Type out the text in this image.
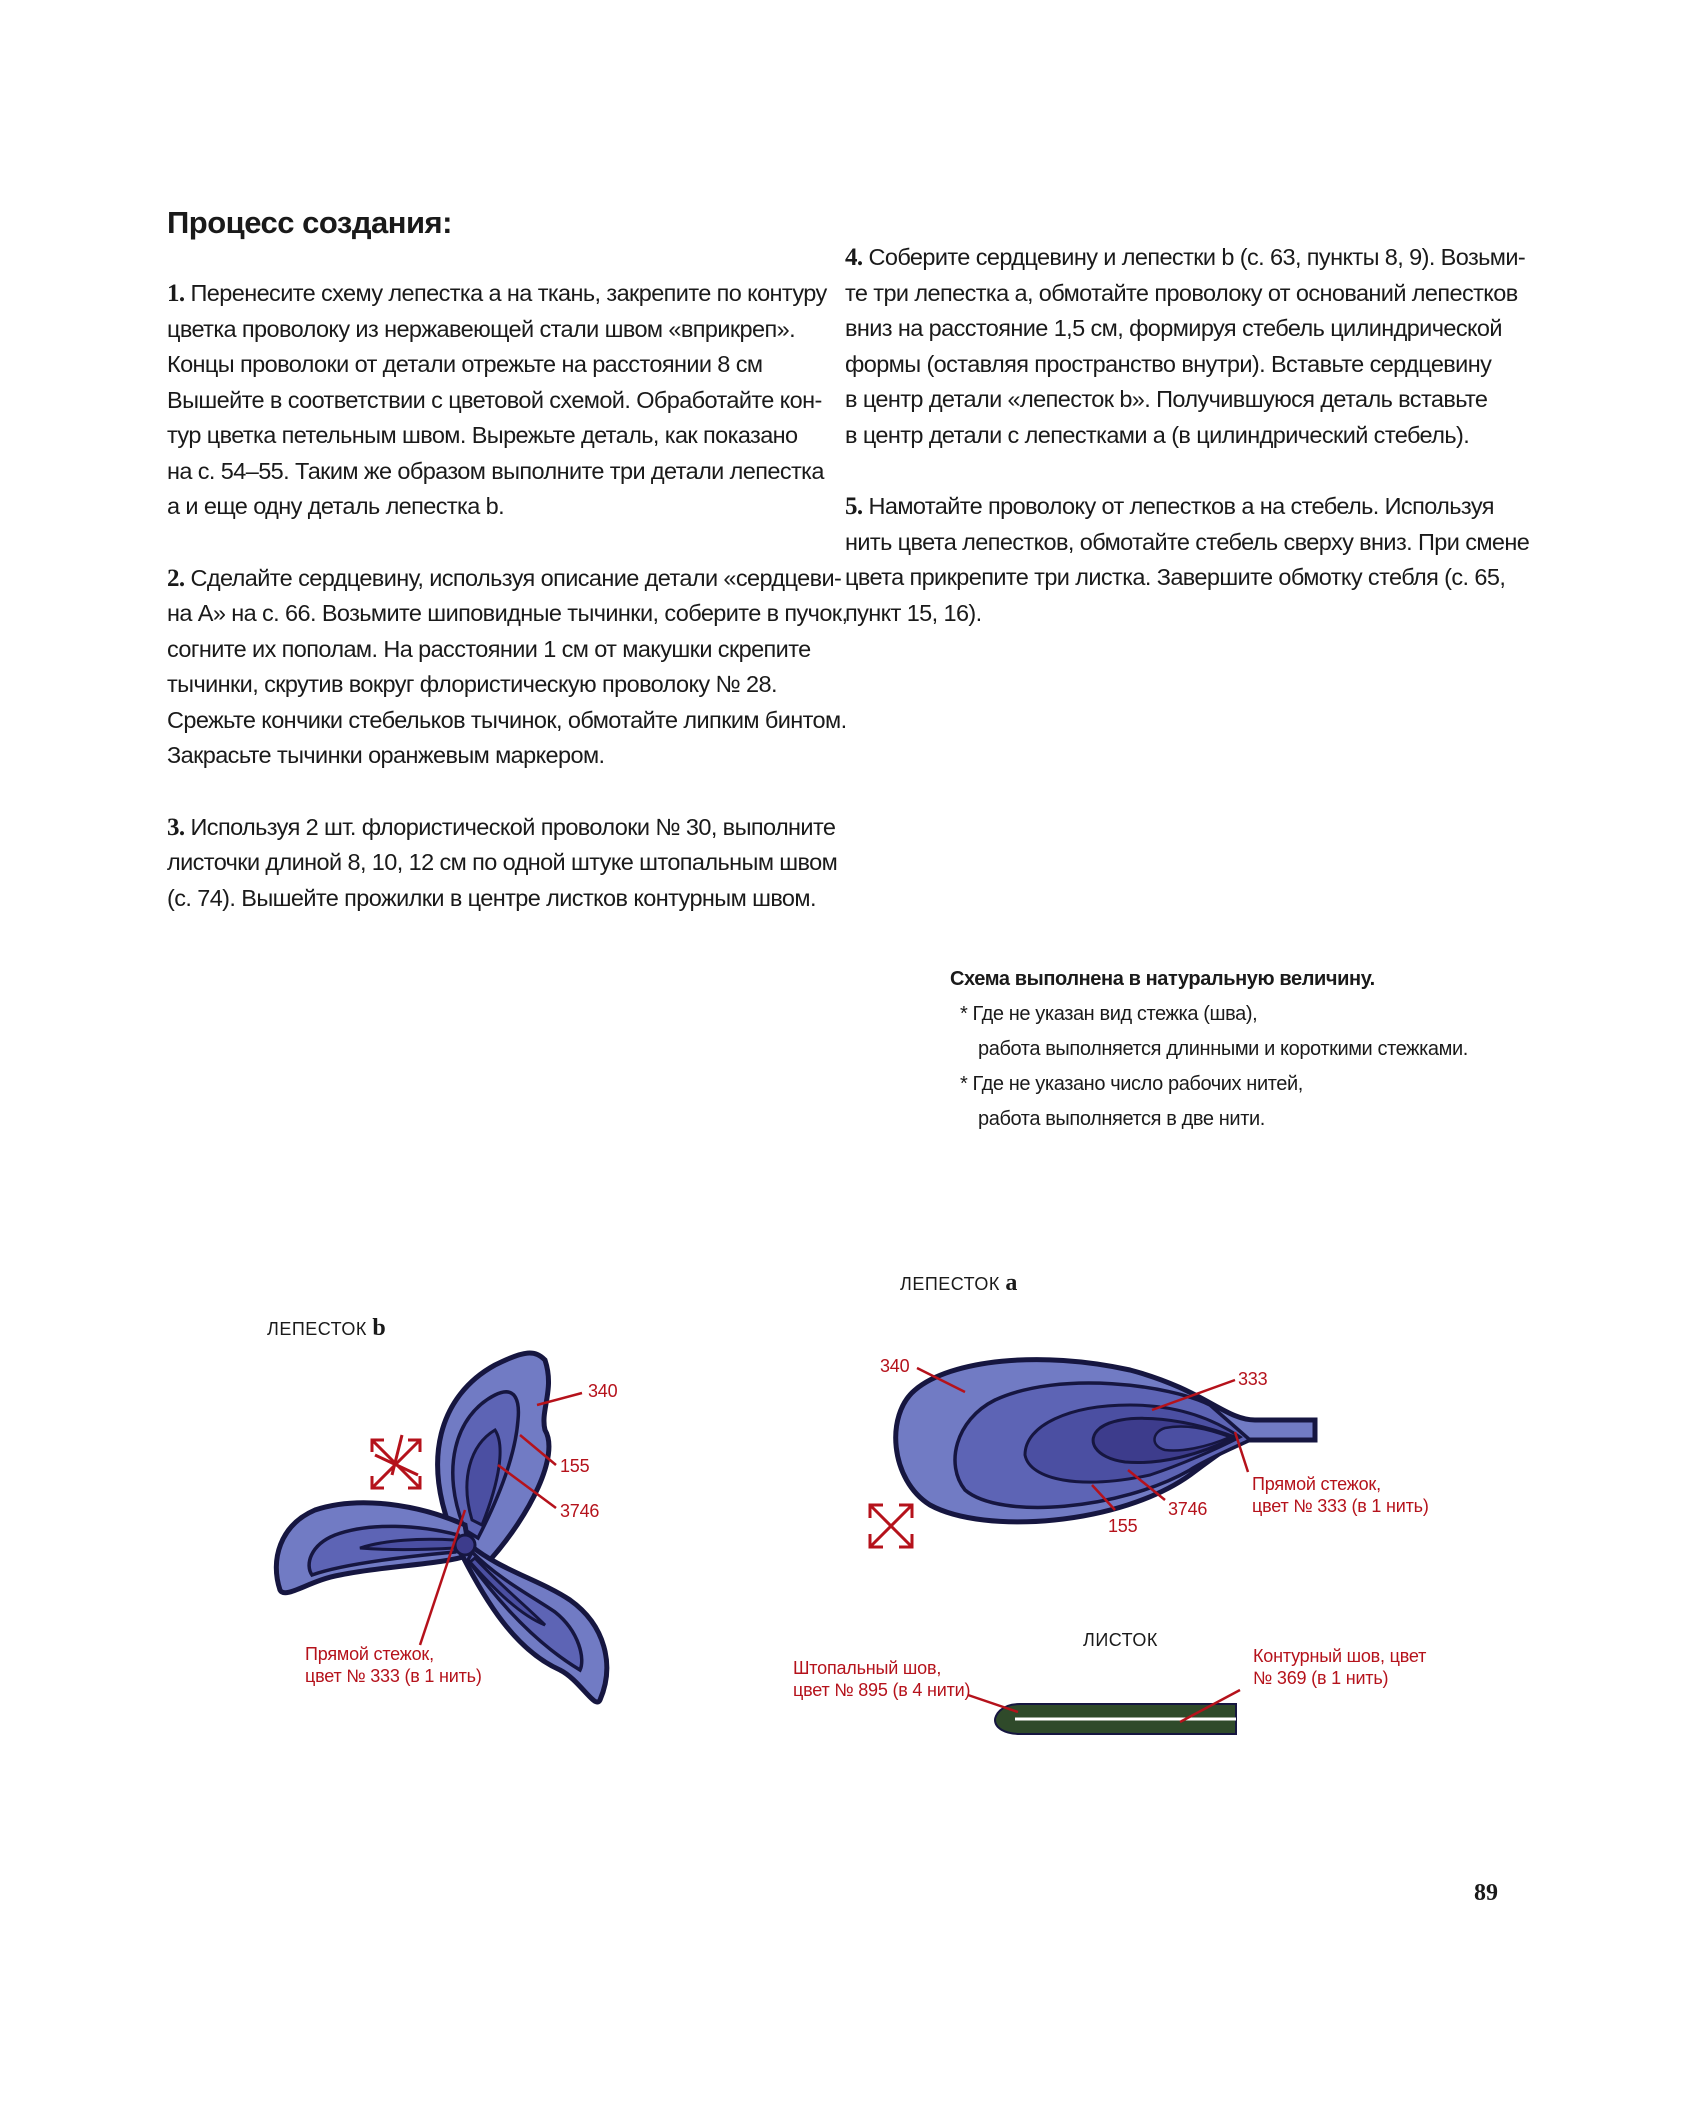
Процесс создания:
1. Перенесите схему лепестка а на ткань, закрепите по контуру
цветка проволоку из нержавеющей стали швом «вприкреп».
Концы проволоки от детали отрежьте на расстоянии 8 см
Вышейте в соответствии с цветовой схемой. Обработайте кон-
тур цветка петельным швом. Вырежьте деталь, как показано
на с. 54–55. Таким же образом выполните три детали лепестка
а и еще одну деталь лепестка b.
2. Сделайте сердцевину, используя описание детали «сердцеви-
на А» на с. 66. Возьмите шиповидные тычинки, соберите в пучок,
согните их пополам. На расстоянии 1 см от макушки скрепите
тычинки, скрутив вокруг флористическую проволоку № 28.
Срежьте кончики стебельков тычинок, обмотайте липким бинтом.
Закрасьте тычинки оранжевым маркером.
3. Используя 2 шт. флористической проволоки № 30, выполните
листочки длиной 8, 10, 12 см по одной штуке штопальным швом
(с. 74). Вышейте прожилки в центре листков контурным швом.
4. Соберите сердцевину и лепестки b (с. 63, пункты 8, 9). Возьми-
те три лепестка а, обмотайте проволоку от оснований лепестков
вниз на расстояние 1,5 см, формируя стебель цилиндрической
формы (оставляя пространство внутри). Вставьте сердцевину
в центр детали «лепесток b». Получившуюся деталь вставьте
в центр детали с лепестками а (в цилиндрический стебель).
5. Намотайте проволоку от лепестков а на стебель. Используя
нить цвета лепестков, обмотайте стебель сверху вниз. При смене
цвета прикрепите три листка. Завершите обмотку стебля (с. 65,
пункт 15, 16).
Схема выполнена в натуральную величину.
* Где не указан вид стежка (шва),
работа выполняется длинными и короткими стежками.
* Где не указано число рабочих нитей,
работа выполняется в две нити.
ЛЕПЕСТОК b
340
155
3746
Прямой стежок,
цвет № 333 (в 1 нить)
ЛЕПЕСТОК a
340
333
3746
155
Прямой стежок,
цвет № 333 (в 1 нить)
ЛИСТОК
Штопальный шов,
цвет № 895 (в 4 нити)
Контурный шов, цвет
№ 369 (в 1 нить)
89
